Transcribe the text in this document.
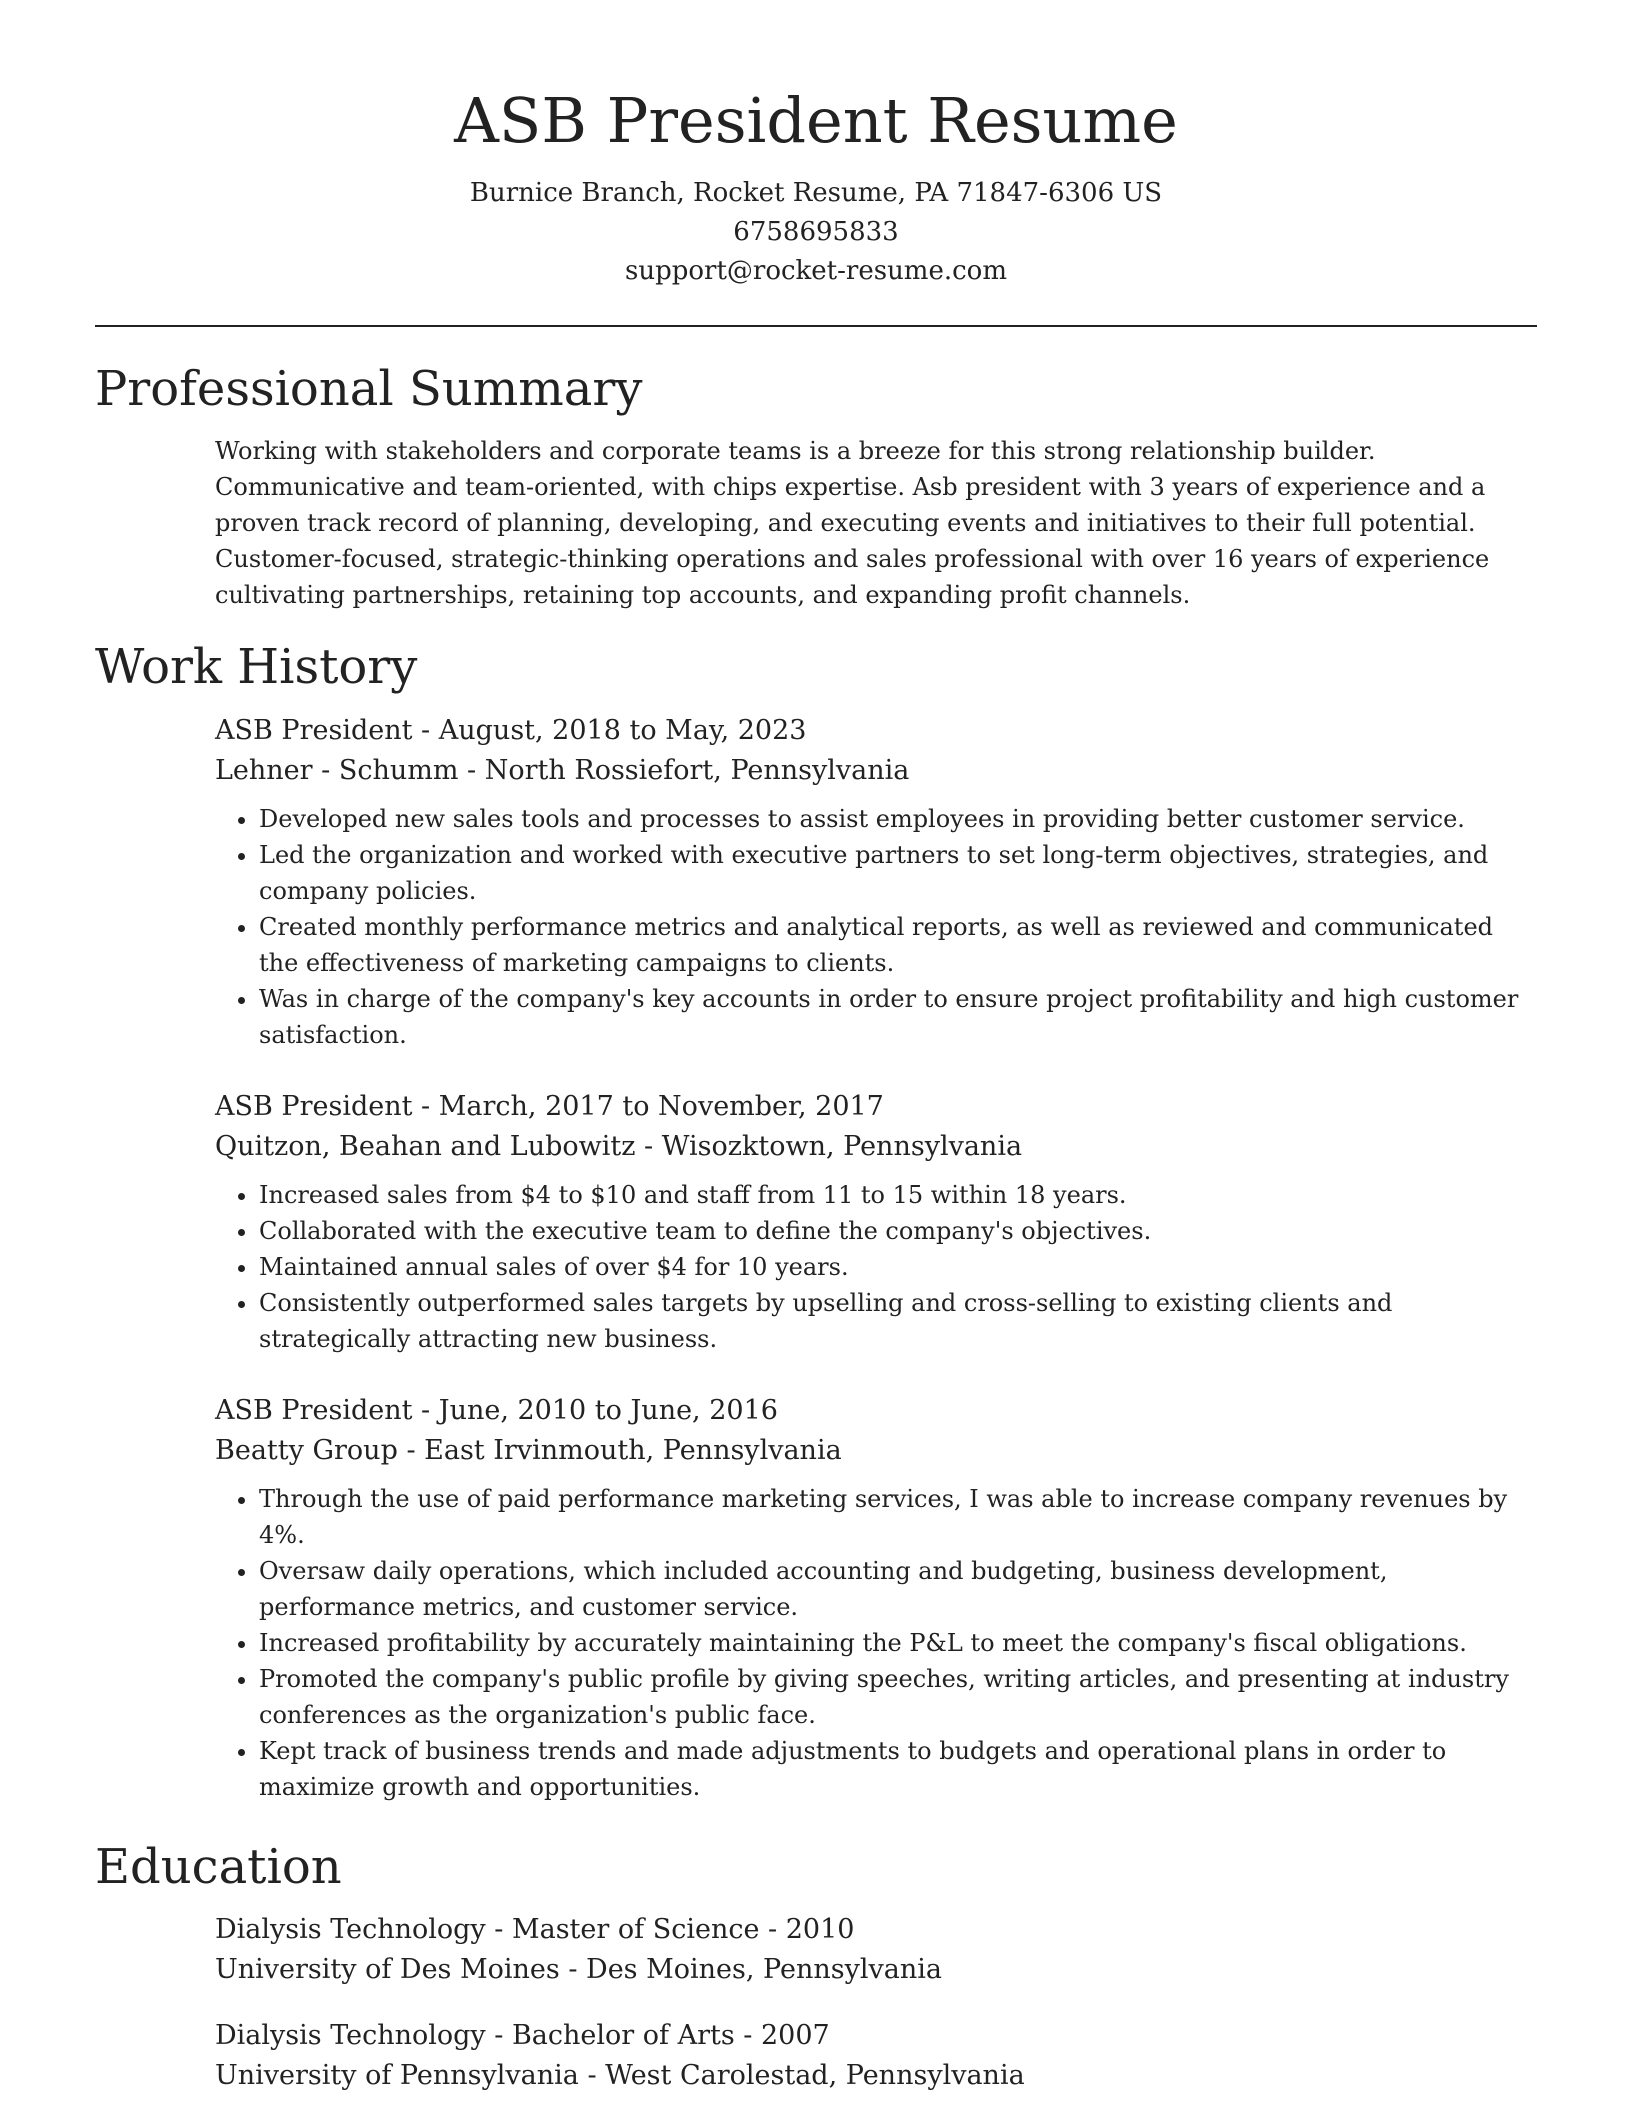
ASB President Resume
Burnice Branch, Rocket Resume, PA 71847-6306 US
6758695833
support@rocket-resume.com
Professional Summary

Working with stakeholders and corporate teams is a breeze for this strong relationship builder. Communicative and team-oriented, with chips expertise. Asb president with 3 years of experience and a proven track record of planning, developing, and executing events and initiatives to their full potential. Customer-focused, strategic-thinking operations and sales professional with over 16 years of experience cultivating partnerships, retaining top accounts, and expanding profit channels.

Work History
ASB President - August, 2018 to May, 2023
Lehner - Schumm - North Rossiefort, Pennsylvania
• Developed new sales tools and processes to assist employees in providing better customer service.
• Led the organization and worked with executive partners to set long-term objectives, strategies, and company policies.
• Created monthly performance metrics and analytical reports, as well as reviewed and communicated the effectiveness of marketing campaigns to clients.
• Was in charge of the company's key accounts in order to ensure project profitability and high customer satisfaction.
ASB President - March, 2017 to November, 2017
Quitzon, Beahan and Lubowitz - Wisozktown, Pennsylvania
• Increased sales from $4 to $10 and staff from 11 to 15 within 18 years.
• Collaborated with the executive team to define the company's objectives.
• Maintained annual sales of over $4 for 10 years.
• Consistently outperformed sales targets by upselling and cross-selling to existing clients and strategically attracting new business.
ASB President - June, 2010 to June, 2016
Beatty Group - East Irvinmouth, Pennsylvania
• Through the use of paid performance marketing services, I was able to increase company revenues by 4%.
• Oversaw daily operations, which included accounting and budgeting, business development, performance metrics, and customer service.
• Increased profitability by accurately maintaining the P&L to meet the company's fiscal obligations.
• Promoted the company's public profile by giving speeches, writing articles, and presenting at industry conferences as the organization's public face.
• Kept track of business trends and made adjustments to budgets and operational plans in order to maximize growth and opportunities.
Education
Dialysis Technology - Master of Science - 2010
University of Des Moines - Des Moines, Pennsylvania
Dialysis Technology - Bachelor of Arts - 2007
University of Pennsylvania - West Carolestad, Pennsylvania
